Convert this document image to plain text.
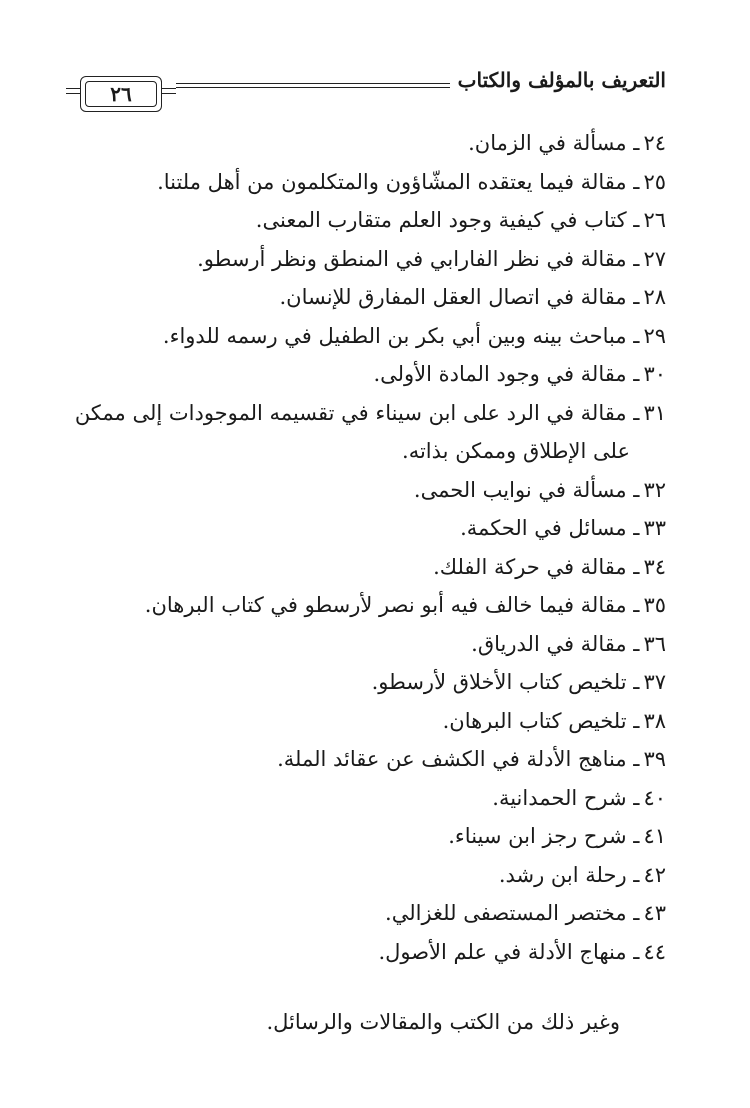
التعريف بالمؤلف والكتاب
٢٦
٢٤ـ مسألة في الزمان.
٢٥ـ مقالة فيما يعتقده المشّاؤون والمتكلمون من أهل ملتنا.
٢٦ـ كتاب في كيفية وجود العلم متقارب المعنى.
٢٧ـ مقالة في نظر الفارابي في المنطق ونظر أرسطو.
٢٨ـ مقالة في اتصال العقل المفارق للإنسان.
٢٩ـ مباحث بينه وبين أبي بكر بن الطفيل في رسمه للدواء.
٣٠ـ مقالة في وجود المادة الأولى.
٣١ـ مقالة في الرد على ابن سيناء في تقسيمه الموجودات إلى ممكن
على الإطلاق وممكن بذاته.
٣٢ـ مسألة في نوايب الحمى.
٣٣ـ مسائل في الحكمة.
٣٤ـ مقالة في حركة الفلك.
٣٥ـ مقالة فيما خالف فيه أبو نصر لأرسطو في كتاب البرهان.
٣٦ـ مقالة في الدرياق.
٣٧ـ تلخيص كتاب الأخلاق لأرسطو.
٣٨ـ تلخيص كتاب البرهان.
٣٩ـ مناهج الأدلة في الكشف عن عقائد الملة.
٤٠ـ شرح الحمدانية.
٤١ـ شرح رجز ابن سيناء.
٤٢ـ رحلة ابن رشد.
٤٣ـ مختصر المستصفى للغزالي.
٤٤ـ منهاج الأدلة في علم الأصول.
وغير ذلك من الكتب والمقالات والرسائل.
